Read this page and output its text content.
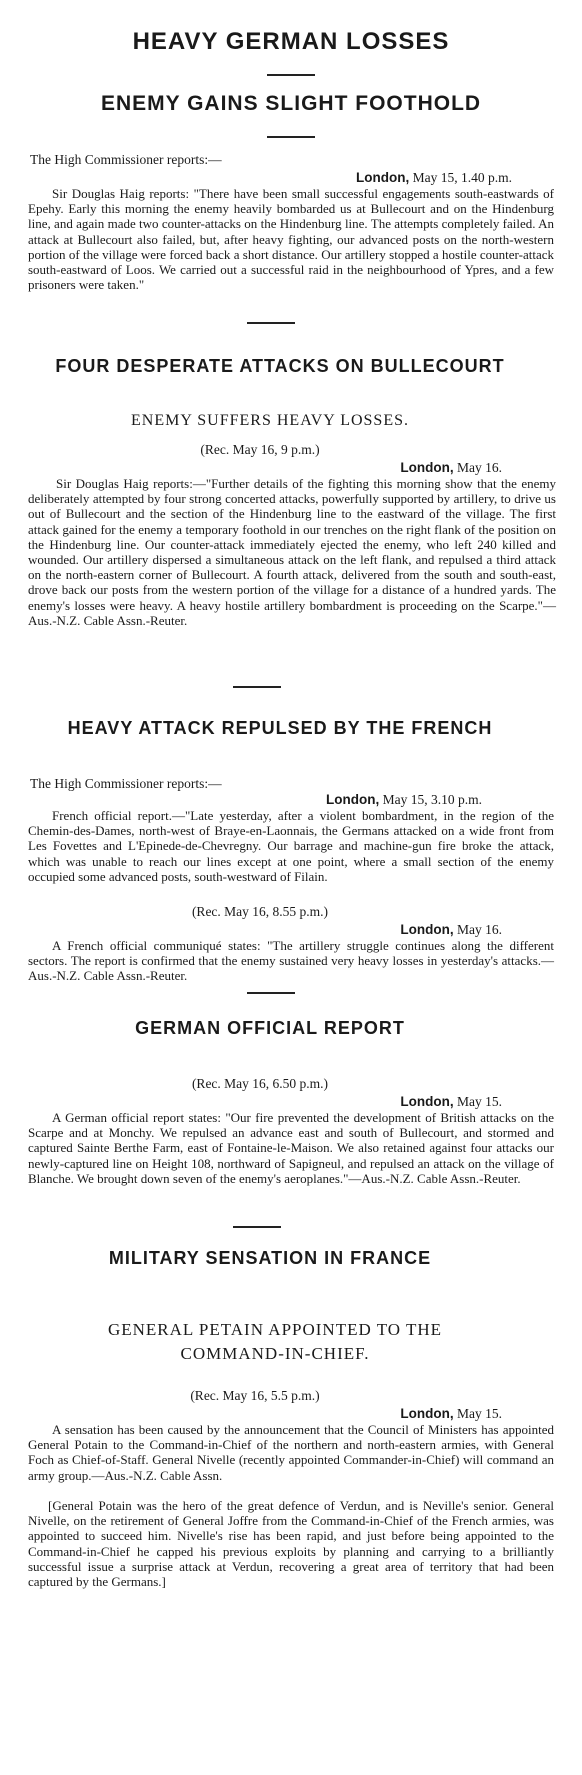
HEAVY GERMAN LOSSES
ENEMY GAINS SLIGHT FOOTHOLD

The High Commissioner reports:—

London, May 15, 1.40 p.m.

Sir Douglas Haig reports: "There have been small successful engagements south-eastwards of Epehy. Early this morning the enemy heavily bombarded us at Bullecourt and on the Hindenburg line, and again made two counter-attacks on the Hindenburg line. The attempts completely failed. An attack at Bullecourt also failed, but, after heavy fighting, our advanced posts on the north-western portion of the village were forced back a short distance. Our artillery stopped a hostile counter-attack south-eastward of Loos. We carried out a successful raid in the neighbourhood of Ypres, and a few prisoners were taken."

FOUR DESPERATE ATTACKS ON BULLECOURT
ENEMY SUFFERS HEAVY LOSSES.

(Rec. May 16, 9 p.m.)

London, May 16.

Sir Douglas Haig reports:—"Further details of the fighting this morning show that the enemy deliberately attempted by four strong concerted attacks, powerfully supported by artillery, to drive us out of Bullecourt and the section of the Hindenburg line to the eastward of the village. The first attack gained for the enemy a temporary foothold in our trenches on the right flank of the position on the Hindenburg line. Our counter-attack immediately ejected the enemy, who left 240 killed and wounded. Our artillery dispersed a simultaneous attack on the left flank, and repulsed a third attack on the north-eastern corner of Bullecourt. A fourth attack, delivered from the south and south-east, drove back our posts from the western portion of the village for a distance of a hundred yards. The enemy's losses were heavy. A heavy hostile artillery bombardment is proceeding on the Scarpe."—Aus.-N.Z. Cable Assn.-Reuter.

HEAVY ATTACK REPULSED BY THE FRENCH

The High Commissioner reports:—

London, May 15, 3.10 p.m.

French official report.—"Late yesterday, after a violent bombardment, in the region of the Chemin-des-Dames, north-west of Braye-en-Laonnais, the Germans attacked on a wide front from Les Fovettes and L'Epinede-de-Chevregny. Our barrage and machine-gun fire broke the attack, which was unable to reach our lines except at one point, where a small section of the enemy occupied some advanced posts, south-westward of Filain.

(Rec. May 16, 8.55 p.m.)

London, May 16.

A French official communiqué states: "The artillery struggle continues along the different sectors. The report is confirmed that the enemy sustained very heavy losses in yesterday's attacks.—Aus.-N.Z. Cable Assn.-Reuter.

GERMAN OFFICIAL REPORT

(Rec. May 16, 6.50 p.m.)

London, May 15.

A German official report states: "Our fire prevented the development of British attacks on the Scarpe and at Monchy. We repulsed an advance east and south of Bullecourt, and stormed and captured Sainte Berthe Farm, east of Fontaine-le-Maison. We also retained against four attacks our newly-captured line on Height 108, northward of Sapigneul, and repulsed an attack on the village of Blanche. We brought down seven of the enemy's aeroplanes."—Aus.-N.Z. Cable Assn.-Reuter.

MILITARY SENSATION IN FRANCE
GENERAL PETAIN APPOINTED TO THE COMMAND-IN-CHIEF.

(Rec. May 16, 5.5 p.m.)

London, May 15.

A sensation has been caused by the announcement that the Council of Ministers has appointed General Potain to the Command-in-Chief of the northern and north-eastern armies, with General Foch as Chief-of-Staff. General Nivelle (recently appointed Commander-in-Chief) will command an army group.—Aus.-N.Z. Cable Assn.

[General Potain was the hero of the great defence of Verdun, and is Neville's senior. General Nivelle, on the retirement of General Joffre from the Command-in-Chief of the French armies, was appointed to succeed him. Nivelle's rise has been rapid, and just before being appointed to the Command-in-Chief he capped his previous exploits by planning and carrying to a brilliantly successful issue a surprise attack at Verdun, recovering a great area of territory that had been captured by the Germans.]
